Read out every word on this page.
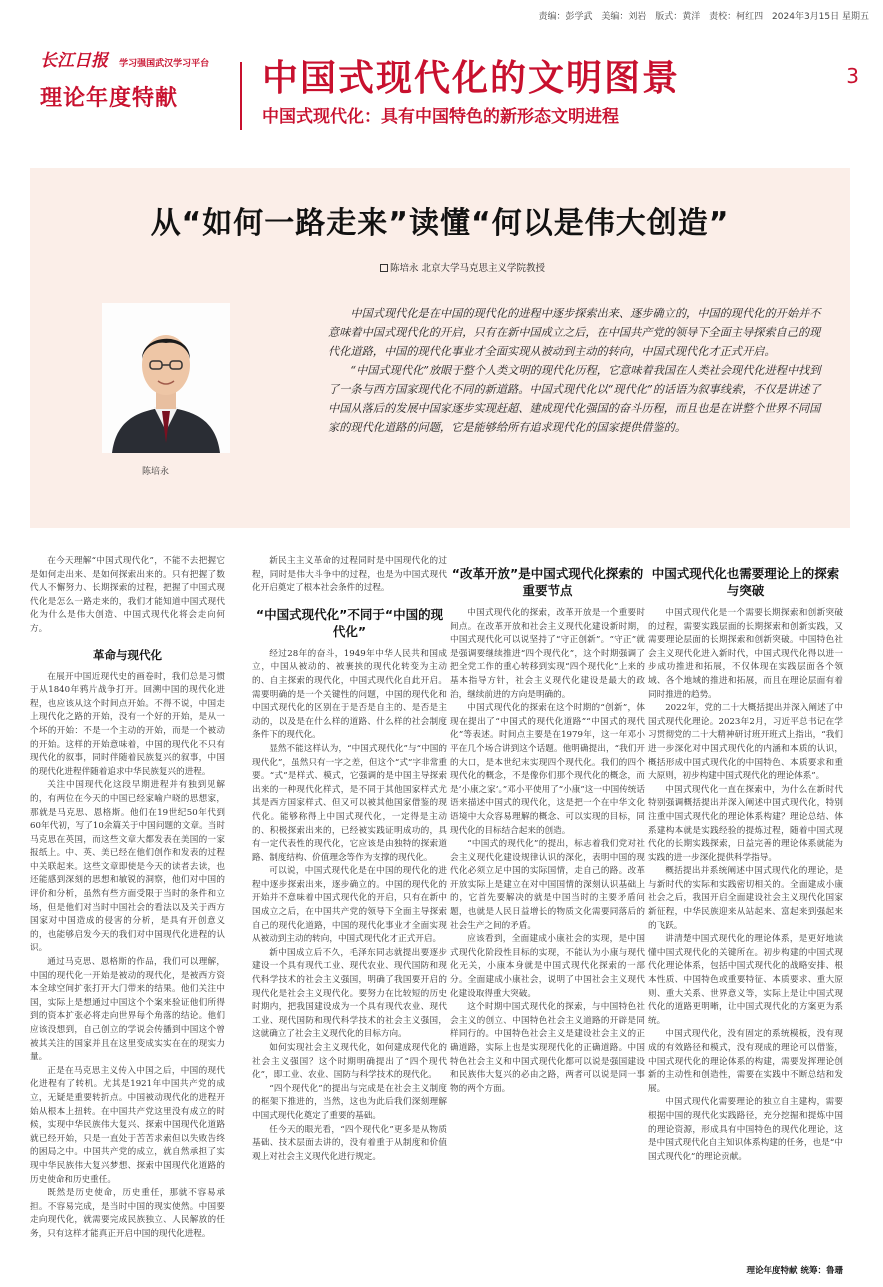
责编：彭学武 美编：刘岩 版式：黄洋 责校：柯红四 2024年3月15日 星期五
长江日报 学习强国武汉学习平台
理论年度特献	中国式现代化的文明图景
中国式现代化：具有中国特色的新形态文明进程
3
从“如何一路走来”读懂“何以是伟大创造”
陈培永 北京大学马克思主义学院教授
陈培永

中国式现代化是在中国的现代化的进程中逐步探索出来、逐步确立的，中国的现代化的开始并不意味着中国式现代化的开启，只有在新中国成立之后，在中国共产党的领导下全面主导探索自己的现代化道路，中国的现代化事业才全面实现从被动到主动的转向，中国式现代化才正式开启。

“中国式现代化”放眼于整个人类文明的现代化历程，它意味着我国在人类社会现代化进程中找到了一条与西方国家现代化不同的新道路。中国式现代化以“现代化”的话语为叙事线索，不仅是讲述了中国从落后的发展中国家逐步实现赶超、建成现代化强国的奋斗历程，而且也是在讲整个世界不同国家的现代化道路的问题，它是能够给所有追求现代化的国家提供借鉴的。

在今天理解“中国式现代化”，不能不去把握它是如何走出来、是如何探索出来的。只有把握了数代人不懈努力、长期探索的过程，把握了中国式现代化是怎么一路走来的，我们才能知道中国式现代化为什么是伟大创造、中国式现代化将会走向何方。

革命与现代化

在展开中国近现代史的画卷时，我们总是习惯于从1840年鸦片战争打开。回溯中国的现代化进程，也应该从这个时间点开始。不得不说，中国走上现代化之路的开始，没有一个好的开始，是从一个坏的开始：不是一个主动的开始，而是一个被动的开始。这样的开始意味着，中国的现代化不只有现代化的叙事，同时伴随着民族复兴的叙事，中国的现代化进程伴随着追求中华民族复兴的进程。

关注中国现代化这段早期进程并有独到见解的，有两位在今天的中国已经家喻户晓的思想家，那就是马克思、恩格斯。他们在19世纪50年代到60年代初，写了10余篇关于中国问题的文章。当时马克思在英国，而这些文章大都发表在美国的一家报纸上。中、英、美已经在他们创作和发表的过程中关联起来。这些文章即使是今天的读者去读，也还能感到深刻的思想和敏锐的洞察，他们对中国的评价和分析，虽然有些方面受限于当时的条件和立场，但是他们对当时中国社会的看法以及关于西方国家对中国造成的侵害的分析，是具有开创意义的，也能够启发今天的我们对中国现代化进程的认识。

通过马克思、恩格斯的作品，我们可以理解，中国的现代化一开始是被动的现代化，是被西方资本全球空间扩张打开大门带来的结果。他们关注中国，实际上是想通过中国这个个案来验证他们所得到的资本扩张必将走向世界每个角落的结论。他们应该没想到，自己创立的学说会传播到中国这个曾被其关注的国家并且在这里变成实实在在的现实力量。

正是在马克思主义传入中国之后，中国的现代化进程有了转机。尤其是1921年中国共产党的成立，无疑是重要转折点。中国被动现代化的进程开始从根本上扭转。在中国共产党这里没有成立的时候，实现中华民族伟大复兴、探索中国现代化道路就已经开始，只是一直处于苦苦求索但以失败告终的困局之中。中国共产党的成立，就自然承担了实现中华民族伟大复兴梦想、探索中国现代化道路的历史使命和历史重任。

既然是历史使命，历史重任，那就不容易承担。不容易完成，是当时中国的现实使然。中国要走向现代化，就需要完成民族独立、人民解放的任务，只有这样才能真正开启中国的现代化进程。

新民主主义革命的过程同时是中国现代化的过程，同时是伟大斗争中的过程，也是为中国式现代化开启奠定了根本社会条件的过程。

“中国式现代化”不同于“中国的现代化”

经过28年的奋斗，1949年中华人民共和国成立，中国从被动的、被裹挟的现代化转变为主动的、自主探索的现代化，中国式现代化自此开启。需要明确的是一个关键性的问题，中国的现代化和中国式现代化的区别在于是否是自主的、是否是主动的，以及是在什么样的道路、什么样的社会制度条件下的现代化。

显然不能这样认为，“中国式现代化”与“中国的现代化”，虽然只有一字之差，但这个“式”字非常重要。“式”是样式、模式，它强调的是中国主导探索出来的一种现代化样式，是不同于其他国家样式尤其是西方国家样式、但又可以被其他国家借鉴的现代化。能够称得上中国式现代化，一定得是主动的、积极探索出来的，已经被实践证明成功的，具有一定代表性的现代化，它应该是由独特的探索道路、制度结构、价值理念等作为支撑的现代化。

可以说，中国式现代化是在中国的现代化的进程中逐步探索出来，逐步确立的。中国的现代化的开始并不意味着中国式现代化的开启，只有在新中国成立之后，在中国共产党的领导下全面主导探索自己的现代化道路，中国的现代化事业才全面实现从被动到主动的转向，中国式现代化才正式开启。

新中国成立后不久，毛泽东同志就提出要逐步建设一个具有现代工业、现代农业、现代国防和现代科学技术的社会主义强国，明确了我国要开启的现代化是社会主义现代化。要努力在比较短的历史时期内，把我国建设成为一个具有现代农业、现代工业、现代国防和现代科学技术的社会主义强国，这就确立了社会主义现代化的目标方向。

如何实现社会主义现代化，如何建成现代化的社会主义强国？这个时期明确提出了“四个现代化”，即工业、农业、国防与科学技术的现代化。

“四个现代化”的提出与完成是在社会主义制度的框架下推进的，当然，这也为此后我们深刻理解中国式现代化奠定了重要的基础。

任今天的眼光看，“四个现代化”更多是从物质基础、技术层面去讲的，没有着重于从制度和价值观上对社会主义现代化进行规定。

“改革开放”是中国式现代化探索的重要节点

中国式现代化的探索，改革开放是一个重要时间点。在改革开放和社会主义现代化建设新时期，中国式现代化可以说坚持了“守正创新”。“守正”就是强调要继续推进“四个现代化”，这个时期强调了把全党工作的重心转移到实现“四个现代化”上来的基本指导方针，社会主义现代化建设是最大的政治，继续前进的方向是明确的。

中国式现代化的探索在这个时期的“创新”，体现在提出了“中国式的现代化道路”“中国式的现代化”等表述。时间点主要是在1979年，这一年邓小平在几个场合讲到这个话题。他明确提出，“我们开的大口，是本世纪末实现四个现代化。我们的四个现代化的概念，不是像你们那个现代化的概念，而是‘小康之家’。”邓小平使用了“小康”这一中国传统话语来描述中国式的现代化，这是把一个在中华文化语境中大众容易理解的概念、可以实现的目标，同现代化的目标结合起来的创造。

“中国式的现代化”的提出，标志着我们党对社会主义现代化建设规律认识的深化，表明中国的现代化必须立足中国的实际国情，走自己的路。改革开放实际上是建立在对中国国情的深刻认识基础上的，它首先要解决的就是中国当时的主要矛盾问题，也就是人民日益增长的物质文化需要同落后的社会生产之间的矛盾。

应该看到，全面建成小康社会的实现，是中国式现代化阶段性目标的实现，不能认为小康与现代化无关，小康本身就是中国式现代化探索的一部分。全面建成小康社会，说明了中国社会主义现代化建设取得重大突破。

这个时期中国式现代化的探索，与中国特色社会主义的创立、中国特色社会主义道路的开辟是同样同行的。中国特色社会主义是建设社会主义的正确道路，实际上也是实现现代化的正确道路。中国特色社会主义和中国式现代化都可以说是强国建设和民族伟大复兴的必由之路，两者可以说是同一事物的两个方面。

中国式现代化也需要理论上的探索与突破

中国式现代化是一个需要长期探索和创新突破的过程，需要实践层面的长期探索和创新实践，又需要理论层面的长期探索和创新突破。中国特色社会主义现代化进入新时代，中国式现代化得以进一步成功推进和拓展，不仅体现在实践层面各个领域、各个地域的推进和拓展，而且在理论层面有着同时推进的趋势。

2022年，党的二十大概括提出并深入阐述了中国式现代化理论。2023年2月，习近平总书记在学习贯彻党的二十大精神研讨班开班式上指出，“我们进一步深化对中国式现代化的内涵和本质的认识，概括形成中国式现代化的中国特色、本质要求和重大原则，初步构建中国式现代化的理论体系”。

中国式现代化一直在探索中，为什么在新时代特别强调概括提出并深入阐述中国式现代化，特别注重中国式现代化的理论体系构建？理论总结、体系建构本就是实践经验的提炼过程，随着中国式现代化的长期实践探索，日益完善的理论体系就能为实践的进一步深化提供科学指导。

概括提出并系统阐述中国式现代化的理论，是与新时代的实际和实践密切相关的。全面建成小康社会之后，我国开启全面建设社会主义现代化国家新征程，中华民族迎来从站起来、富起来到强起来的飞跃。

讲清楚中国式现代化的理论体系，是更好地读懂中国式现代化的关键所在。初步构建的中国式现代化理论体系，包括中国式现代化的战略安排、根本性质、中国特色或重要特征、本质要求、重大原则、重大关系、世界意义等，实际上是让中国式现代化的道路更明晰，让中国式现代化的方案更为系统。

中国式现代化，没有固定的系统模板，没有现成的有效路径和模式，没有现成的理论可以借鉴，中国式现代化的理论体系的构建，需要发挥理论创新的主动性和创造性，需要在实践中不断总结和发展。

中国式现代化需要理论的独立自主建构，需要根据中国的现代化实践路径，充分挖掘和提炼中国的理论资源，形成具有中国特色的现代化理论，这是中国式现代化自主知识体系构建的任务，也是“中国式现代化”的理论贡献。

理论年度特献 统筹：鲁珊
